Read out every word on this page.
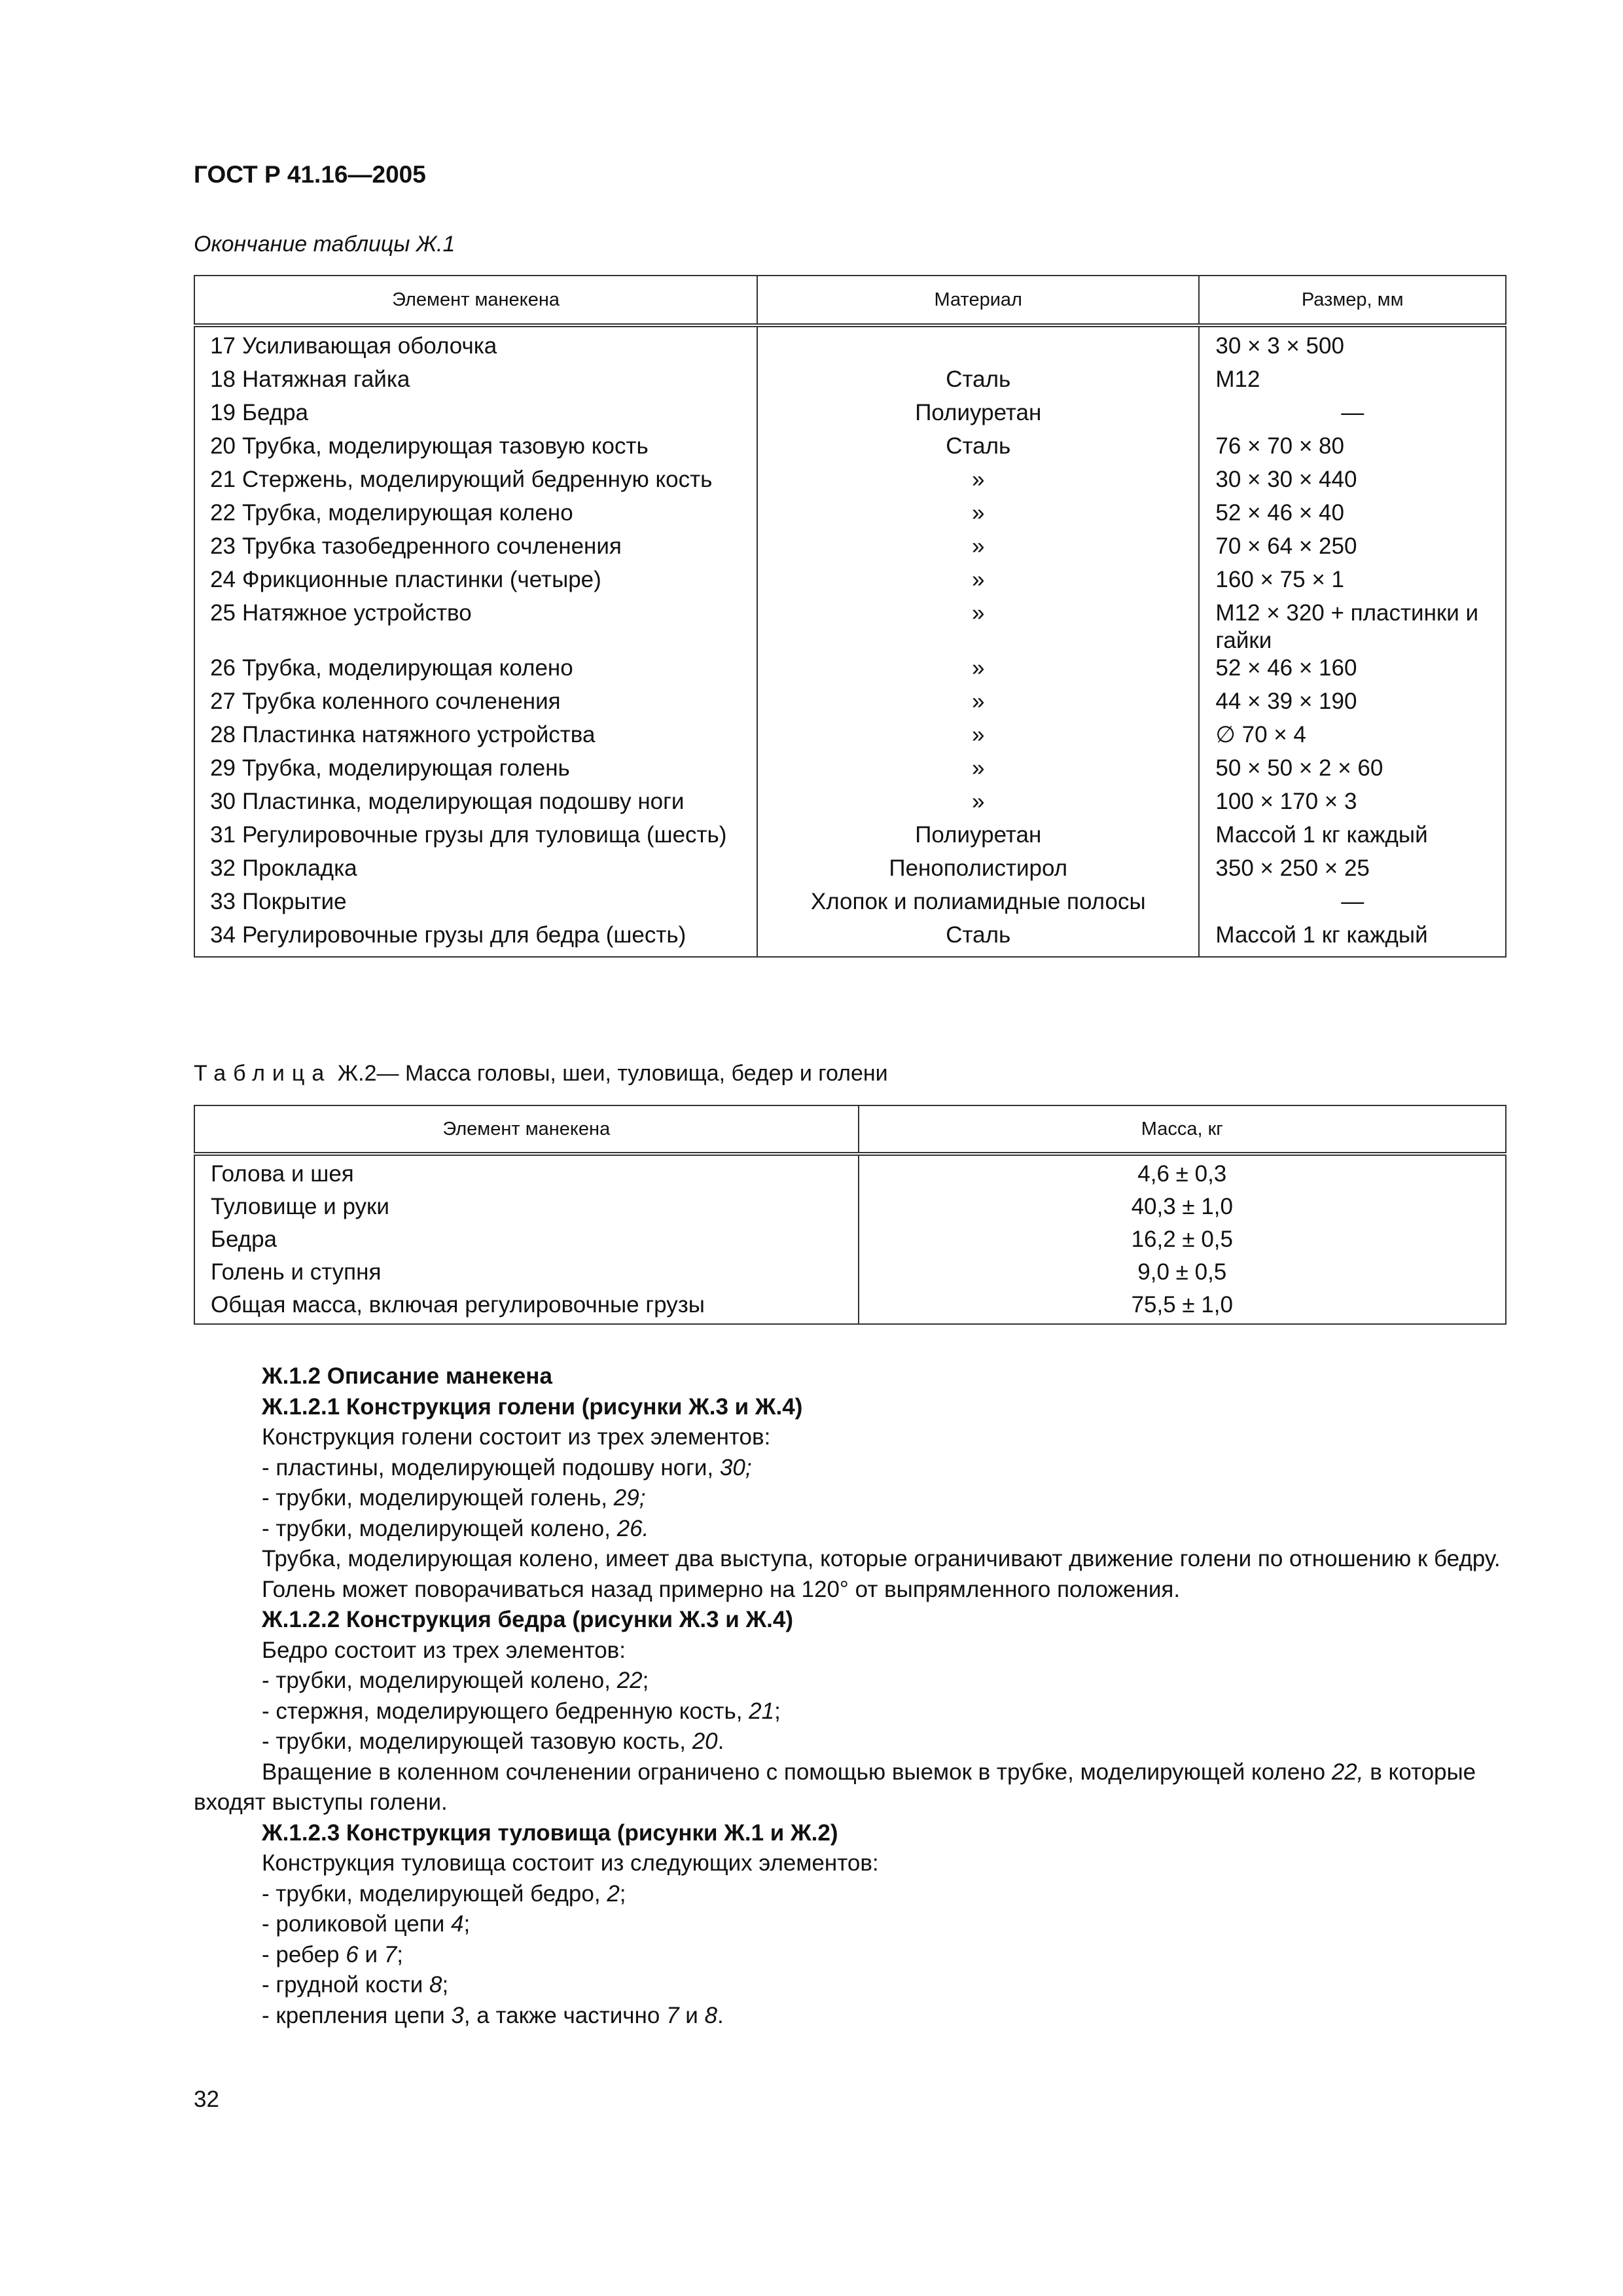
ГОСТ Р 41.16—2005
Окончание таблицы Ж.1
Элемент манекена	Материал	Размер, мм

17 Усиливающая оболочка		30 × 3 × 500

18 Натяжная гайка	Сталь	М12

19 Бедра	Полиуретан	—

20 Трубка, моделирующая тазовую кость	Сталь	76 × 70 × 80

21 Стержень, моделирующий бедренную кость	»	30 × 30 × 440

22 Трубка, моделирующая колено	»	52 × 46 × 40

23 Трубка тазобедренного сочленения	»	70 × 64 × 250

24 Фрикционные пластинки (четыре)	»	160 × 75 × 1

25 Натяжное устройство	»	М12 × 320 + пластинки и гайки

26 Трубка, моделирующая колено	»	52 × 46 × 160

27 Трубка коленного сочленения	»	44 × 39 × 190

28 Пластинка натяжного устройства	»	∅ 70 × 4

29 Трубка, моделирующая голень	»	50 × 50 × 2 × 60

30 Пластинка, моделирующая подошву ноги	»	100 × 170 × 3

31 Регулировочные грузы для туловища (шесть)	Полиуретан	Массой 1 кг каждый

32 Прокладка	Пенополистирол	350 × 250 × 25

33 Покрытие	Хлопок и полиамидные полосы	—

34 Регулировочные грузы для бедра (шесть)	Сталь	Массой 1 кг каждый
Таблица Ж.2— Масса головы, шеи, туловища, бедер и голени
Элемент манекена	Масса, кг
Голова и шея	4,6 ± 0,3
Туловище и руки	40,3 ± 1,0
Бедра	16,2 ± 0,5
Голень и ступня	9,0 ± 0,5
Общая масса, включая регулировочные грузы	75,5 ± 1,0

Ж.1.2 Описание манекена

Ж.1.2.1 Конструкция голени (рисунки Ж.3 и Ж.4)

Конструкция голени состоит из трех элементов:

- пластины, моделирующей подошву ноги, 30;

- трубки, моделирующей голень, 29;

- трубки, моделирующей колено, 26.

Трубка, моделирующая колено, имеет два выступа, которые ограничивают движение голени по отношению к бедру.

Голень может поворачиваться назад примерно на 120° от выпрямленного положения.

Ж.1.2.2 Конструкция бедра (рисунки Ж.3 и Ж.4)

Бедро состоит из трех элементов:

- трубки, моделирующей колено, 22;

- стержня, моделирующего бедренную кость, 21;

- трубки, моделирующей тазовую кость, 20.

Вращение в коленном сочленении ограничено с помощью выемок в трубке, моделирующей колено 22, в которые входят выступы голени.

Ж.1.2.3 Конструкция туловища (рисунки Ж.1 и Ж.2)

Конструкция туловища состоит из следующих элементов:

- трубки, моделирующей бедро, 2;

- роликовой цепи 4;

- ребер 6 и 7;

- грудной кости 8;

- крепления цепи 3, а также частично 7 и 8.

32
